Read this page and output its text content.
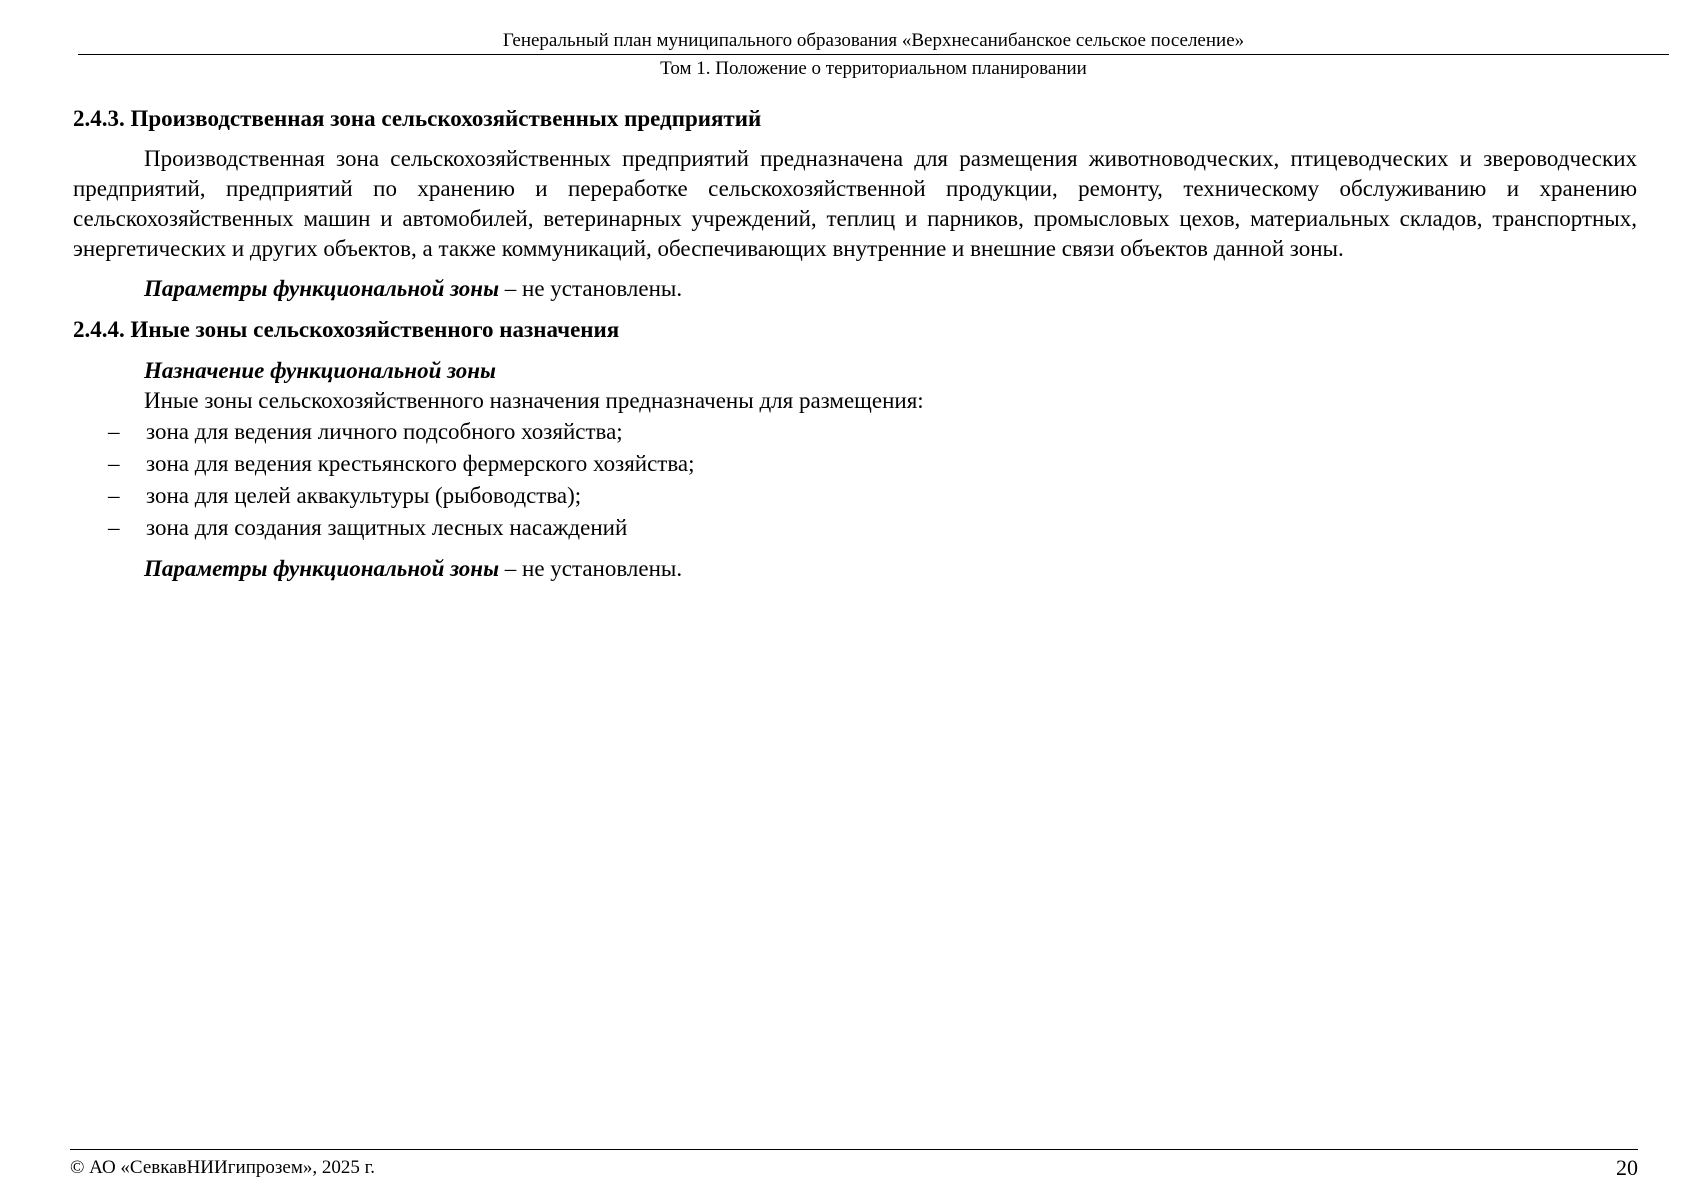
Генеральный план муниципального образования «Верхнесанибанское сельское поселение»
Том 1. Положение о территориальном планировании
2.4.3. Производственная зона сельскохозяйственных предприятий
Производственная зона сельскохозяйственных предприятий предназначена для размещения животноводческих, птицеводческих и звероводческих предприятий, предприятий по хранению и переработке сельскохозяйственной продукции, ремонту, техническому обслуживанию и хранению сельскохозяйственных машин и автомобилей, ветеринарных учреждений, теплиц и парников, промысловых цехов, материальных складов, транспортных, энергетических и других объектов, а также коммуникаций, обеспечивающих внутренние и внешние связи объектов данной зоны.
Параметры функциональной зоны – не установлены.
2.4.4. Иные зоны сельскохозяйственного назначения
Назначение функциональной зоны
Иные зоны сельскохозяйственного назначения предназначены для размещения:
– зона для ведения личного подсобного хозяйства;
– зона для ведения крестьянского фермерского хозяйства;
– зона для целей аквакультуры (рыбоводства);
– зона для создания защитных лесных насаждений
Параметры функциональной зоны – не установлены.
© АО «СевкавНИИгипрозем», 2025 г.	20
